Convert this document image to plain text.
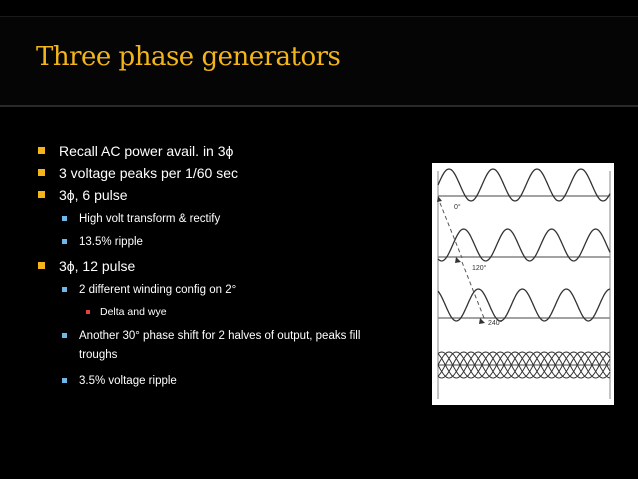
Three phase generators
Recall AC power avail. in 3ϕ
3 voltage peaks per 1/60 sec
3ϕ, 6 pulse
High volt transform & rectify
13.5% ripple
3ϕ, 12 pulse
2 different winding config on 2°
Delta and wye
Another 30° phase shift for 2 halves of output, peaks fill
troughs
3.5% voltage ripple
0°
120°
240°
